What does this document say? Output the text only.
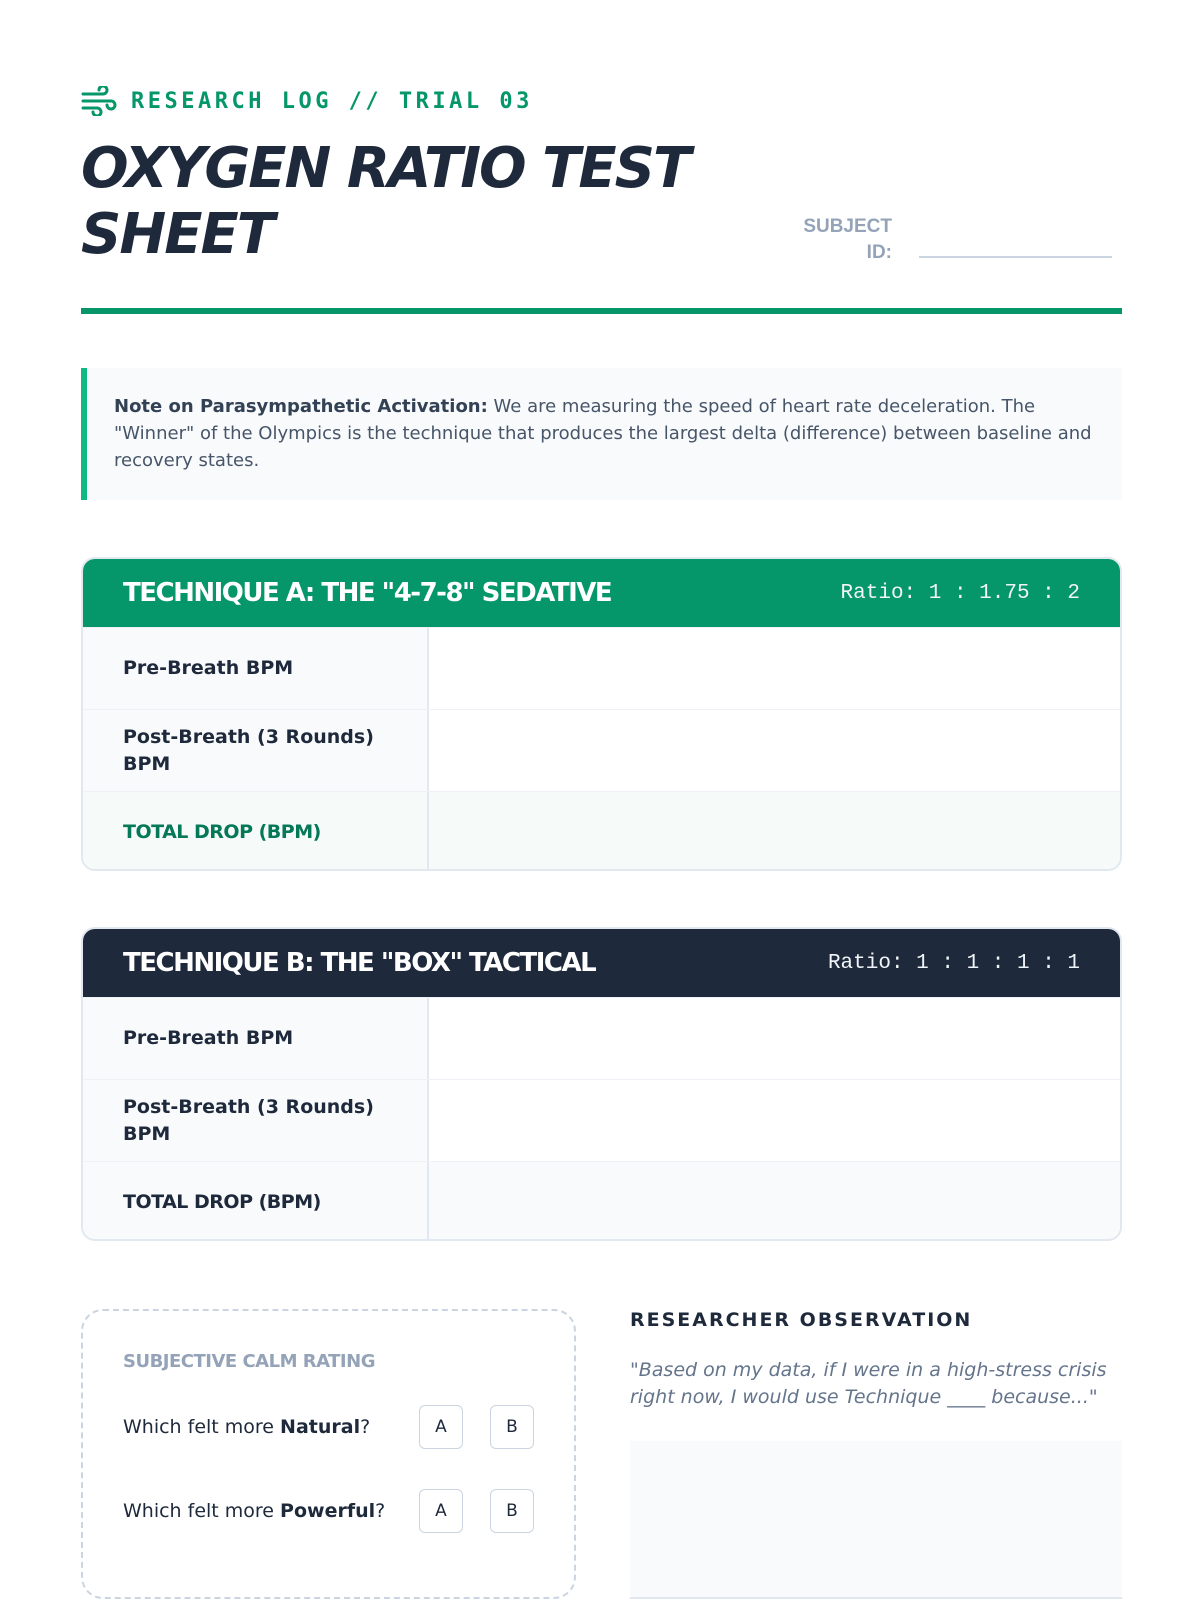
RESEARCH LOG // TRIAL 03
OXYGEN RATIO TEST SHEET	SUBJECT ID:
Note on Parasympathetic Activation: We are measuring the speed of heart rate deceleration. The "Winner" of the Olympics is the technique that produces the largest delta (difference) between baseline and recovery states.
TECHNIQUE A: THE "4-7-8" SEDATIVE	Ratio: 1 : 1.75 : 2
Pre-Breath BPM
Post-Breath (3 Rounds) BPM
TOTAL DROP (BPM)
TECHNIQUE B: THE "BOX" TACTICAL	Ratio: 1 : 1 : 1 : 1
Pre-Breath BPM
Post-Breath (3 Rounds) BPM
TOTAL DROP (BPM)
SUBJECTIVE CALM RATING
Which felt more Natural?	A	B
Which felt more Powerful?	A	B
RESEARCHER OBSERVATION
"Based on my data, if I were in a high-stress crisis right now, I would use Technique ____ because..."
